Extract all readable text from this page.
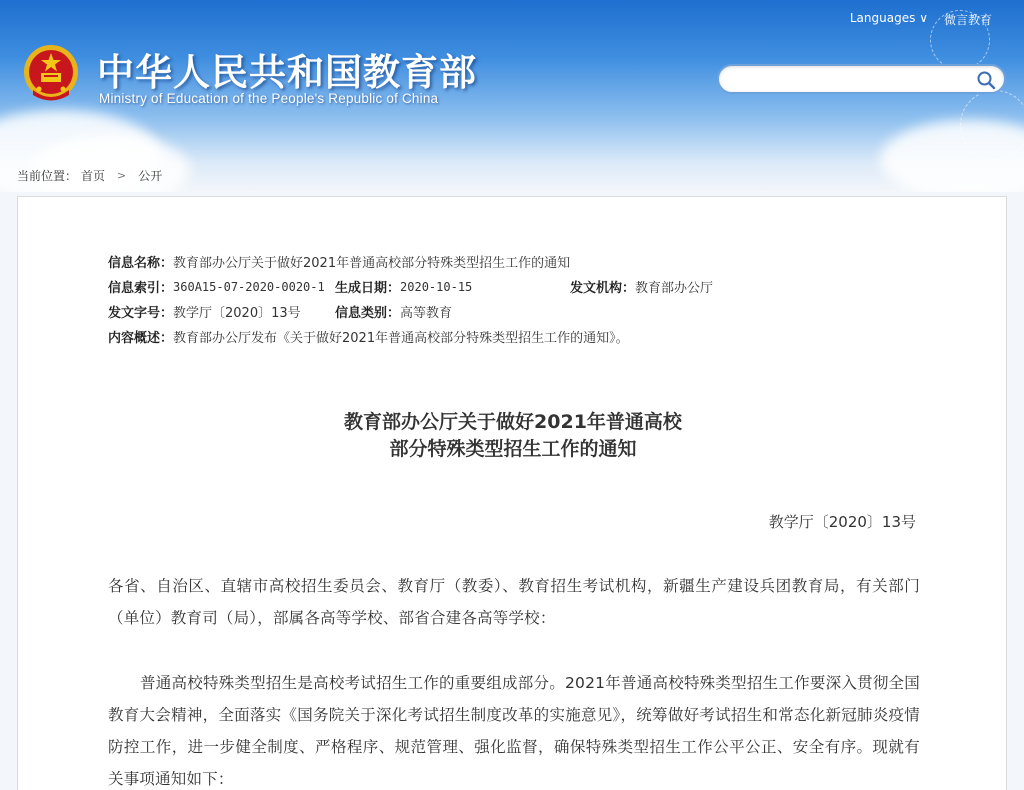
Languages ∨ 微言教育
中华人民共和国教育部
Ministry of Education of the People's Republic of China
当前位置： 首页 > 公开
信息名称： 教育部办公厅关于做好2021年普通高校部分特殊类型招生工作的通知
信息索引： 360A15-07-2020-0020-1 生成日期： 2020-10-15	发文机构： 教育部办公厅
发文字号： 教学厅〔2020〕13号	信息类别： 高等教育
内容概述： 教育部办公厅发布《关于做好2021年普通高校部分特殊类型招生工作的通知》。
教育部办公厅关于做好2021年普通高校
部分特殊类型招生工作的通知
教学厅〔2020〕13号
各省、自治区、直辖市高校招生委员会、教育厅（教委）、教育招生考试机构，新疆生产建设兵团教育局，有关部门（单位）教育司（局），部属各高等学校、部省合建各高等学校：
普通高校特殊类型招生是高校考试招生工作的重要组成部分。2021年普通高校特殊类型招生工作要深入贯彻全国教育大会精神，全面落实《国务院关于深化考试招生制度改革的实施意见》，统筹做好考试招生和常态化新冠肺炎疫情防控工作，进一步健全制度、严格程序、规范管理、强化监督，确保特殊类型招生工作公平公正、安全有序。现就有关事项通知如下：
